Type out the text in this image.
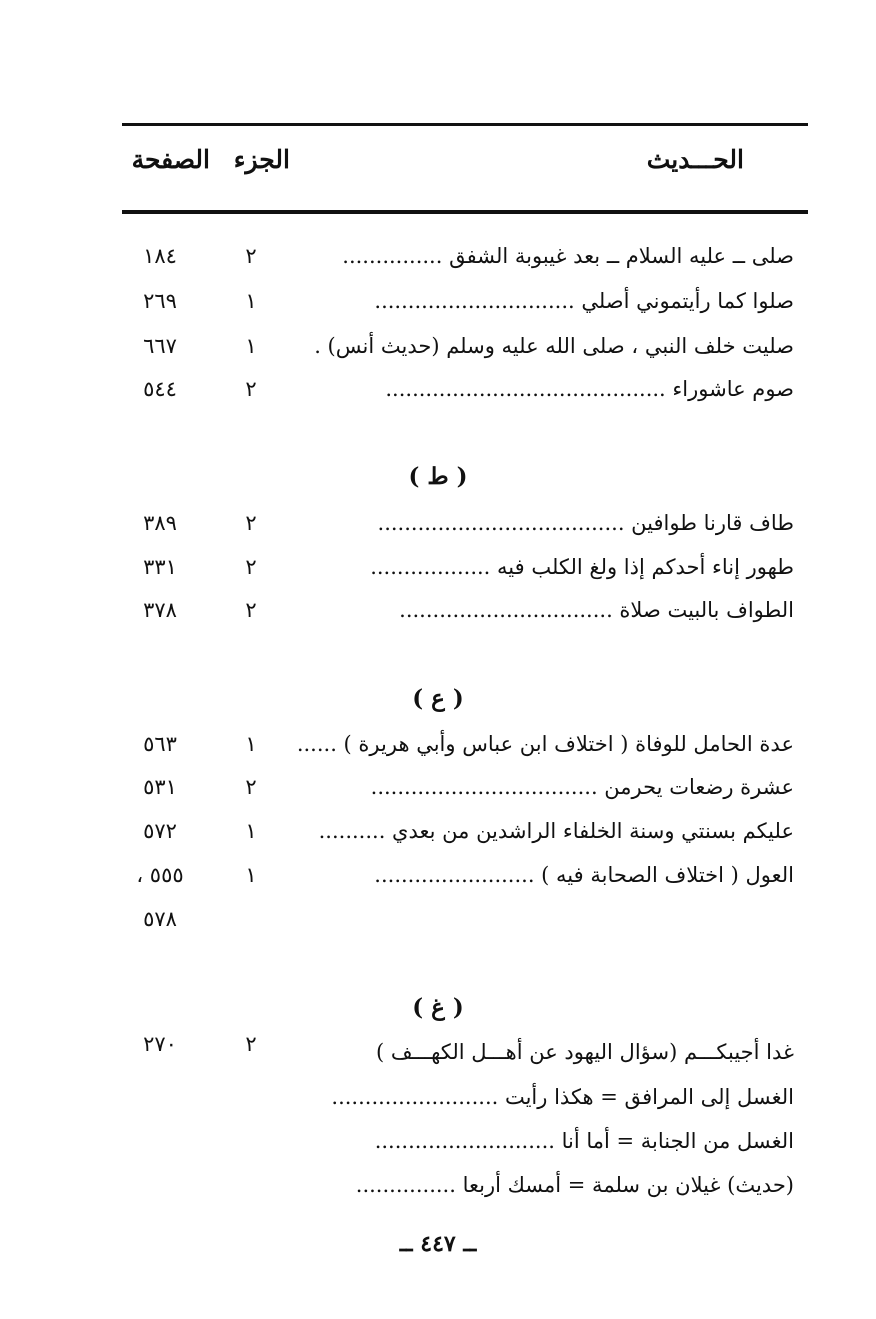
الحـــديث
الجزء
الصفحة
صلى ــ عليه السلام ــ بعد غيبوبة الشفق ...............
٢
١٨٤
صلوا كما رأيتموني أصلي ..............................
١
٢٦٩
صليت خلف النبي ، صلى الله عليه وسلم (حديث أنس) .
١
٦٦٧
صوم عاشوراء ..........................................
٢
٥٤٤
( ط )
طاف قارنا طوافين .....................................
٢
٣٨٩
طهور إناء أحدكم إذا ولغ الكلب فيه ..................
٢
٣٣١
الطواف بالبيت صلاة ................................
٢
٣٧٨
( ع )
عدة الحامل للوفاة ( اختلاف ابن عباس وأبي هريرة ) ......
١
٥٦٣
عشرة رضعات يحرمن ..................................
٢
٥٣١
عليكم بسنتي وسنة الخلفاء الراشدين من بعدي ..........
١
٥٧٢
العول ( اختلاف الصحابة فيه ) ........................
١
٥٥٥ ،
٥٧٨
( غ )
غدا أجيبكـــم (سؤال اليهود عن أهـــل الكهـــف )
٢
٢٧٠
الغسل إلى المرافق = هكذا رأيت .........................
الغسل من الجنابة = أما أنا ...........................
(حديث) غيلان بن سلمة = أمسك أربعا ...............
ــ ٤٤٧ ــ
